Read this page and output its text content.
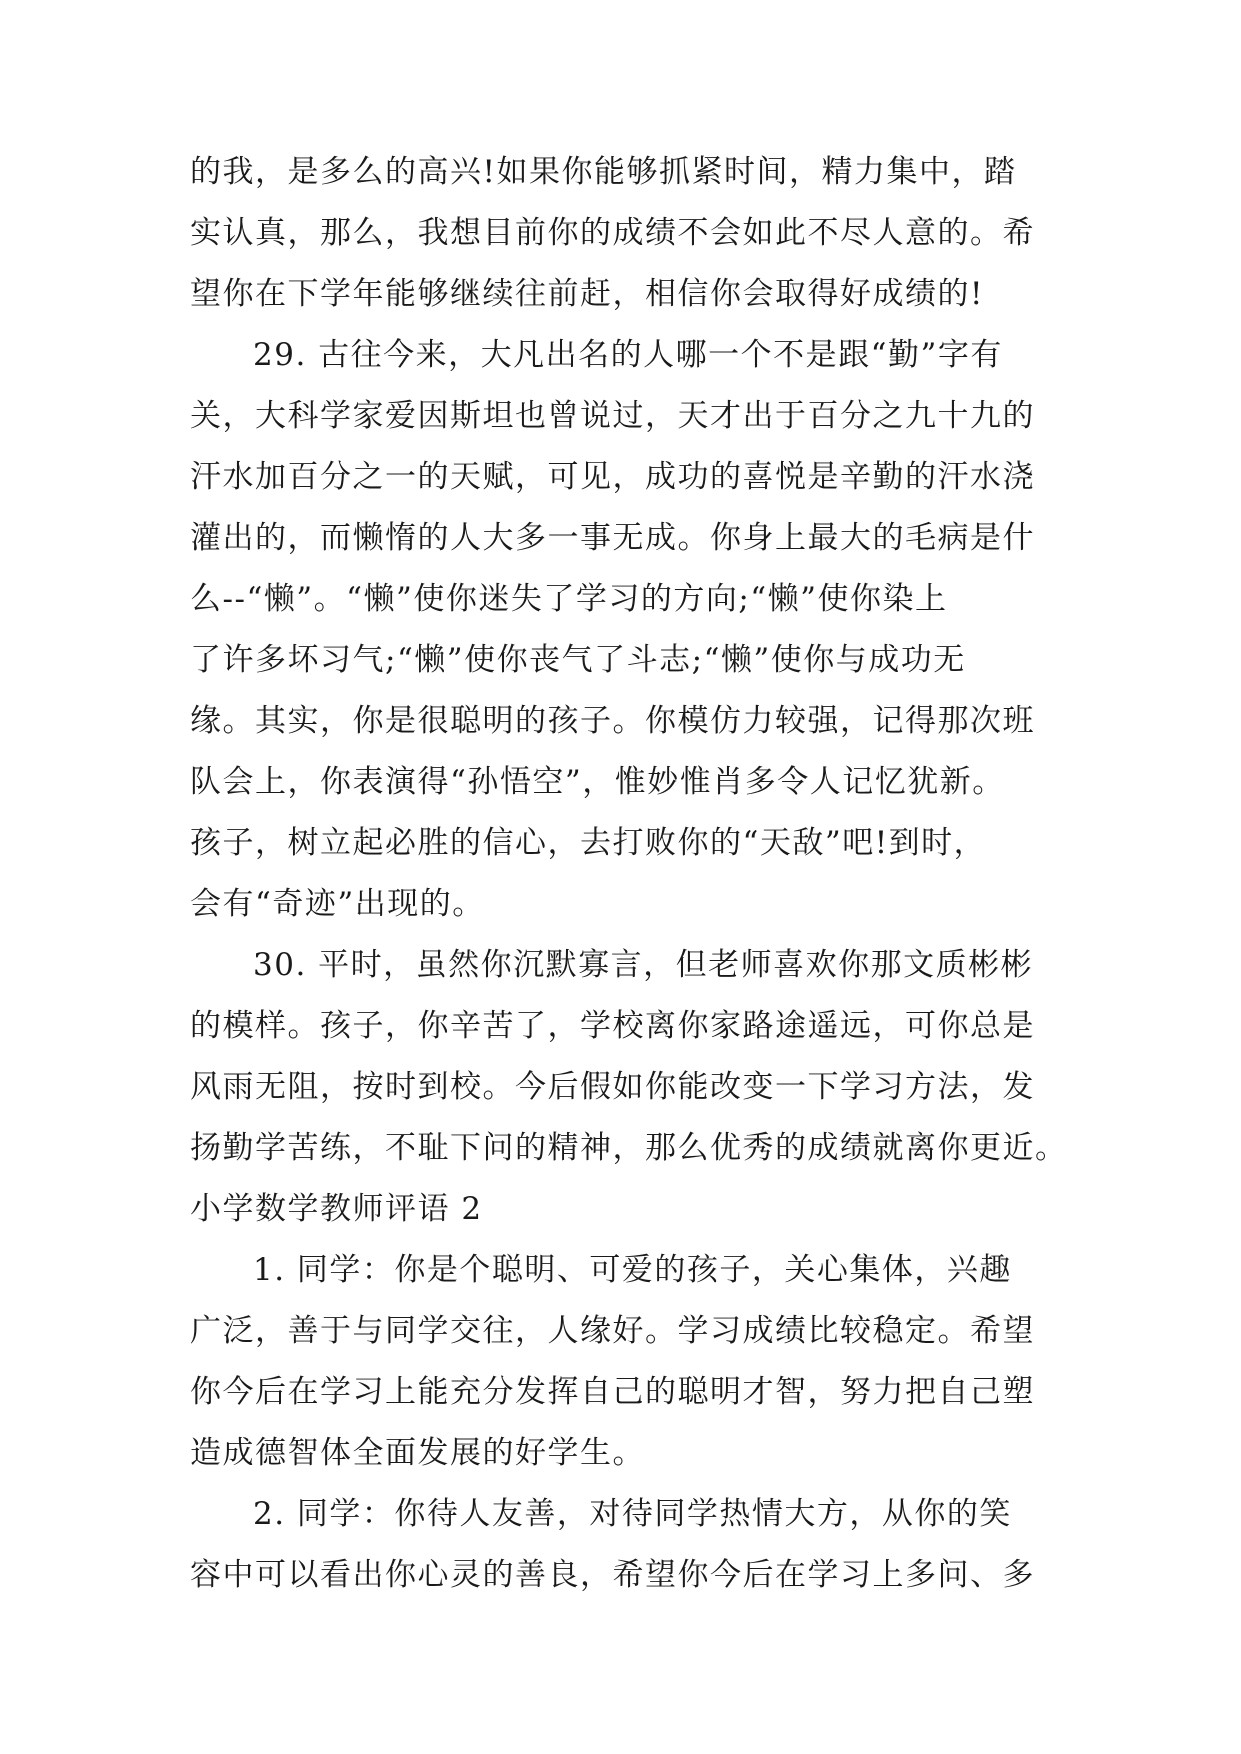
的我，是多么的高兴!如果你能够抓紧时间，精力集中，踏
实认真，那么，我想目前你的成绩不会如此不尽人意的。希
望你在下学年能够继续往前赶，相信你会取得好成绩的!
29. 古往今来，大凡出名的人哪一个不是跟“勤”字有
关，大科学家爱因斯坦也曾说过，天才出于百分之九十九的
汗水加百分之一的天赋，可见，成功的喜悦是辛勤的汗水浇
灌出的，而懒惰的人大多一事无成。你身上最大的毛病是什
么--“懒”。“懒”使你迷失了学习的方向;“懒”使你染上
了许多坏习气;“懒”使你丧气了斗志;“懒”使你与成功无
缘。其实，你是很聪明的孩子。你模仿力较强，记得那次班
队会上，你表演得“孙悟空”，惟妙惟肖多令人记忆犹新。
孩子，树立起必胜的信心，去打败你的“天敌”吧!到时，
会有“奇迹”出现的。
30. 平时，虽然你沉默寡言，但老师喜欢你那文质彬彬
的模样。孩子，你辛苦了，学校离你家路途遥远，可你总是
风雨无阻，按时到校。今后假如你能改变一下学习方法，发
扬勤学苦练，不耻下问的精神，那么优秀的成绩就离你更近。
小学数学教师评语 2
1. 同学：你是个聪明、可爱的孩子，关心集体，兴趣
广泛，善于与同学交往，人缘好。学习成绩比较稳定。希望
你今后在学习上能充分发挥自己的聪明才智，努力把自己塑
造成德智体全面发展的好学生。
2. 同学：你待人友善，对待同学热情大方，从你的笑
容中可以看出你心灵的善良，希望你今后在学习上多问、多
